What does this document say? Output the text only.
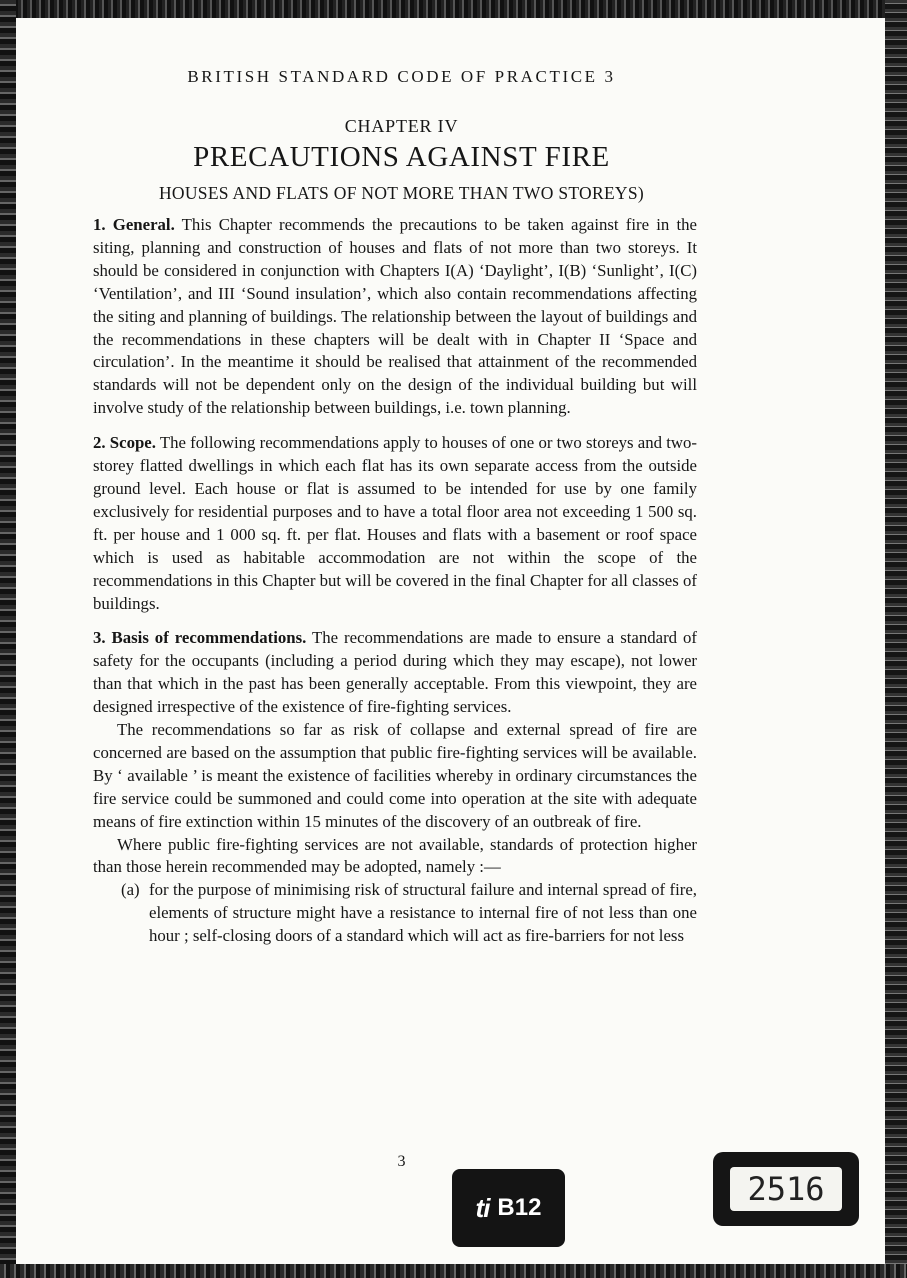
BRITISH STANDARD CODE OF PRACTICE 3
CHAPTER IV
PRECAUTIONS AGAINST FIRE
HOUSES AND FLATS OF NOT MORE THAN TWO STOREYS)

1. General. This Chapter recommends the precautions to be taken against fire in the siting, planning and construction of houses and flats of not more than two storeys. It should be considered in conjunction with Chapters I(A) ‘Daylight’, I(B) ‘Sunlight’, I(C) ‘Ventilation’, and III ‘Sound insulation’, which also contain recommendations affecting the siting and planning of buildings. The relationship between the layout of buildings and the recommendations in these chapters will be dealt with in Chapter II ‘Space and circulation’. In the meantime it should be realised that attainment of the recommended standards will not be dependent only on the design of the individual building but will involve study of the relationship between buildings, i.e. town planning.

2. Scope. The following recommendations apply to houses of one or two storeys and two-storey flatted dwellings in which each flat has its own separate access from the outside ground level. Each house or flat is assumed to be intended for use by one family exclusively for residential purposes and to have a total floor area not exceeding 1 500 sq. ft. per house and 1 000 sq. ft. per flat. Houses and flats with a basement or roof space which is used as habitable accommodation are not within the scope of the recommendations in this Chapter but will be covered in the final Chapter for all classes of buildings.

3. Basis of recommendations. The recommendations are made to ensure a standard of safety for the occupants (including a period during which they may escape), not lower than that which in the past has been generally acceptable. From this viewpoint, they are designed irrespective of the existence of fire-fighting services.

The recommendations so far as risk of collapse and external spread of fire are concerned are based on the assumption that public fire-fighting services will be available. By ‘ available ’ is meant the existence of facilities whereby in ordinary circumstances the fire service could be summoned and could come into operation at the site with adequate means of fire extinction within 15 minutes of the discovery of an outbreak of fire.

Where public fire-fighting services are not available, standards of protection higher than those herein recommended may be adopted, namely :—

(a) for the purpose of minimising risk of structural failure and internal spread of fire, elements of structure might have a resistance to internal fire of not less than one hour ; self-closing doors of a standard which will act as fire-barriers for not less

3
ti B12	2516
